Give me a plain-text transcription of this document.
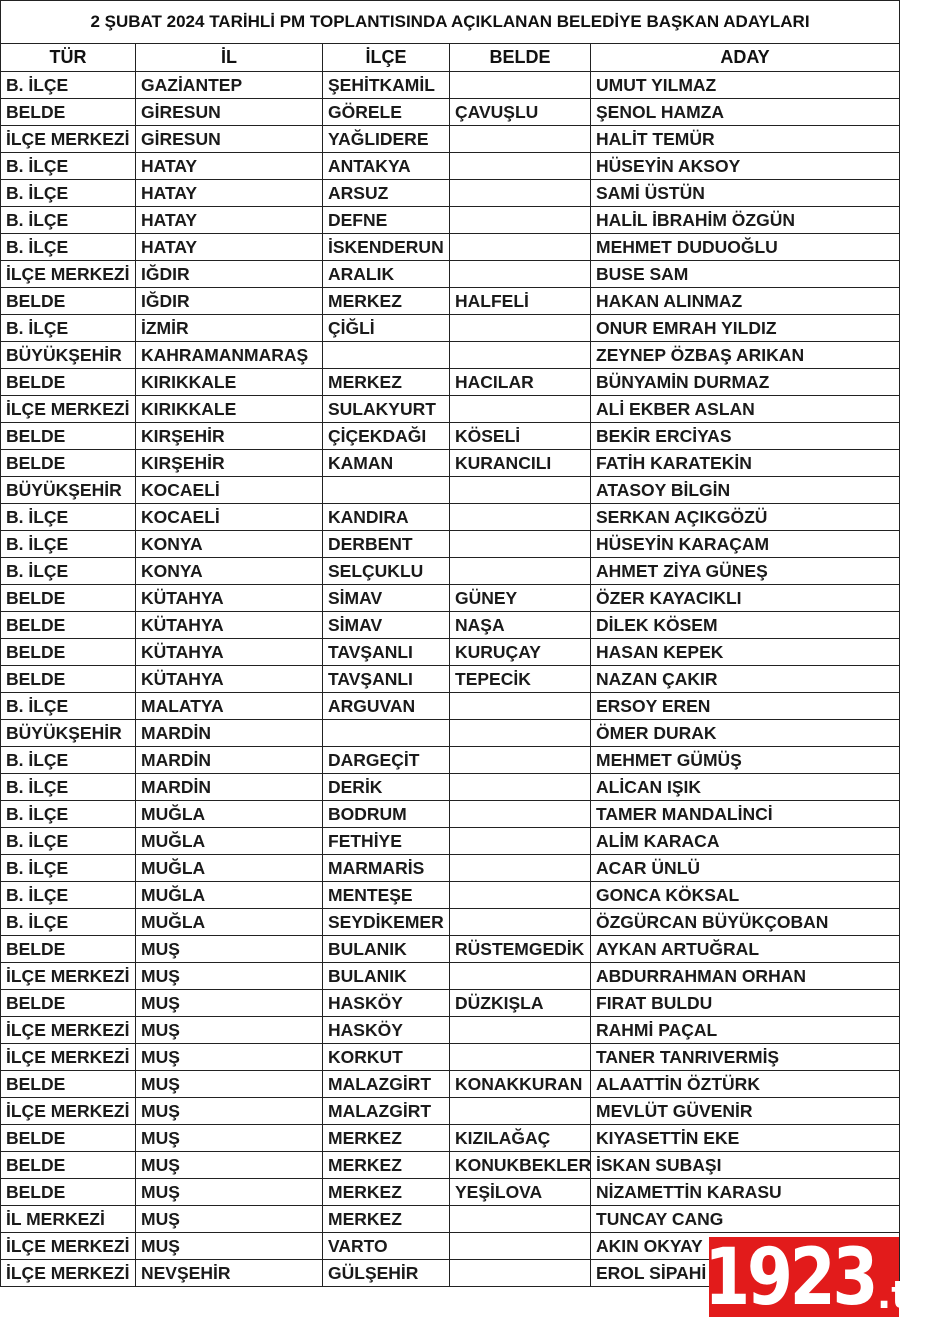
2 ŞUBAT 2024 TARİHLİ PM TOPLANTISINDA AÇIKLANAN BELEDİYE BAŞKAN ADAYLARI				
TÜR	İL	İLÇE	BELDE	ADAY
B. İLÇE	GAZİANTEP	ŞEHİTKAMİL		UMUT YILMAZ
BELDE	GİRESUN	GÖRELE	ÇAVUŞLU	ŞENOL HAMZA
İLÇE MERKEZİ	GİRESUN	YAĞLIDERE		HALİT TEMÜR
B. İLÇE	HATAY	ANTAKYA		HÜSEYİN AKSOY
B. İLÇE	HATAY	ARSUZ		SAMİ ÜSTÜN
B. İLÇE	HATAY	DEFNE		HALİL İBRAHİM ÖZGÜN
B. İLÇE	HATAY	İSKENDERUN		MEHMET DUDUOĞLU
İLÇE MERKEZİ	IĞDIR	ARALIK		BUSE SAM
BELDE	IĞDIR	MERKEZ	HALFELİ	HAKAN ALINMAZ
B. İLÇE	İZMİR	ÇİĞLİ		ONUR EMRAH YILDIZ
BÜYÜKŞEHİR	KAHRAMANMARAŞ			ZEYNEP ÖZBAŞ ARIKAN
BELDE	KIRIKKALE	MERKEZ	HACILAR	BÜNYAMİN DURMAZ
İLÇE MERKEZİ	KIRIKKALE	SULAKYURT		ALİ EKBER ASLAN
BELDE	KIRŞEHİR	ÇİÇEKDAĞI	KÖSELİ	BEKİR ERCİYAS
BELDE	KIRŞEHİR	KAMAN	KURANCILI	FATİH KARATEKİN
BÜYÜKŞEHİR	KOCAELİ			ATASOY BİLGİN
B. İLÇE	KOCAELİ	KANDIRA		SERKAN AÇIKGÖZÜ
B. İLÇE	KONYA	DERBENT		HÜSEYİN KARAÇAM
B. İLÇE	KONYA	SELÇUKLU		AHMET ZİYA GÜNEŞ
BELDE	KÜTAHYA	SİMAV	GÜNEY	ÖZER KAYACIKLI
BELDE	KÜTAHYA	SİMAV	NAŞA	DİLEK KÖSEM
BELDE	KÜTAHYA	TAVŞANLI	KURUÇAY	HASAN KEPEK
BELDE	KÜTAHYA	TAVŞANLI	TEPECİK	NAZAN ÇAKIR
B. İLÇE	MALATYA	ARGUVAN		ERSOY EREN
BÜYÜKŞEHİR	MARDİN			ÖMER DURAK
B. İLÇE	MARDİN	DARGEÇİT		MEHMET GÜMÜŞ
B. İLÇE	MARDİN	DERİK		ALİCAN IŞIK
B. İLÇE	MUĞLA	BODRUM		TAMER MANDALİNCİ
B. İLÇE	MUĞLA	FETHİYE		ALİM KARACA
B. İLÇE	MUĞLA	MARMARİS		ACAR ÜNLÜ
B. İLÇE	MUĞLA	MENTEŞE		GONCA KÖKSAL
B. İLÇE	MUĞLA	SEYDİKEMER		ÖZGÜRCAN BÜYÜKÇOBAN
BELDE	MUŞ	BULANIK	RÜSTEMGEDİK	AYKAN ARTUĞRAL
İLÇE MERKEZİ	MUŞ	BULANIK		ABDURRAHMAN ORHAN
BELDE	MUŞ	HASKÖY	DÜZKIŞLA	FIRAT BULDU
İLÇE MERKEZİ	MUŞ	HASKÖY		RAHMİ PAÇAL
İLÇE MERKEZİ	MUŞ	KORKUT		TANER TANRIVERMİŞ
BELDE	MUŞ	MALAZGİRT	KONAKKURAN	ALAATTİN ÖZTÜRK
İLÇE MERKEZİ	MUŞ	MALAZGİRT		MEVLÜT GÜVENİR
BELDE	MUŞ	MERKEZ	KIZILAĞAÇ	KIYASETTİN EKE
BELDE	MUŞ	MERKEZ	KONUKBEKLER	İSKAN SUBAŞI
BELDE	MUŞ	MERKEZ	YEŞİLOVA	NİZAMETTİN KARASU
İL MERKEZİ	MUŞ	MERKEZ		TUNCAY CANG
İLÇE MERKEZİ	MUŞ	VARTO		AKIN OKYAY
İLÇE MERKEZİ	NEVŞEHİR	GÜLŞEHİR		EROL SİPAHİ
1923 .tv
